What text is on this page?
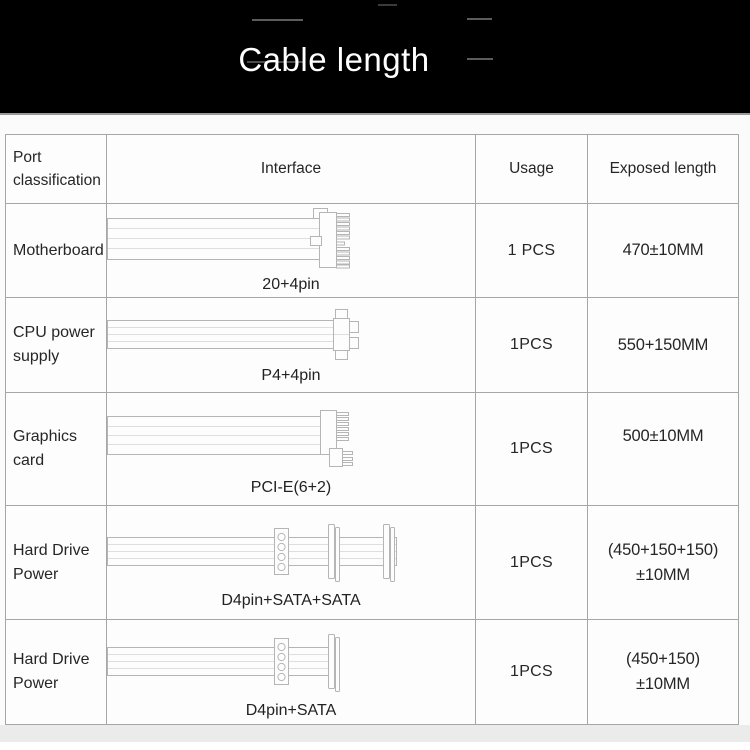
Cable length
Port classification	Interface	Usage	Exposed length
Motherboard	20+4pin	1 PCS	470±10MM

CPU power supply	P4+4pin	1PCS	550+150MM

Graphics card	PCI-E(6+2)	1PCS	500±10MM

Hard Drive Power	D4pin+SATA+SATA	1PCS	(450+150+150)
±10MM

Hard Drive Power	D4pin+SATA	1PCS	(450+150)
±10MM
